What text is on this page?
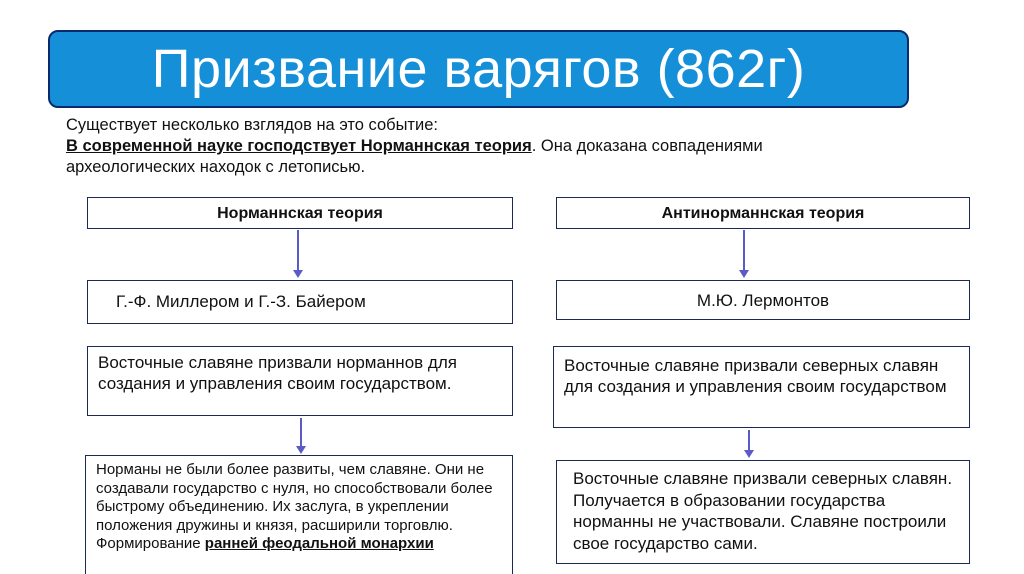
Призвание варягов (862г)
Существует несколько взглядов на это событие:
В современной науке господствует Норманнская теория. Она доказана совпадениями
археологических находок с летописью.
Норманнская теория
Г.-Ф. Миллером и Г.-З. Байером
Восточные славяне призвали норманнов для создания и управления своим государством.
Норманы не были более развиты, чем славяне. Они не создавали государство с нуля, но способствовали более быстрому объединению. Их заслуга, в укреплении положения дружины и князя, расширили торговлю.
Формирование ранней феодальной монархии
Антинорманнская теория
М.Ю. Лермонтов
Восточные славяне призвали северных славян для создания и управления своим государством
Восточные славяне призвали северных славян. Получается в образовании государства норманны не участвовали. Славяне построили свое государство сами.
